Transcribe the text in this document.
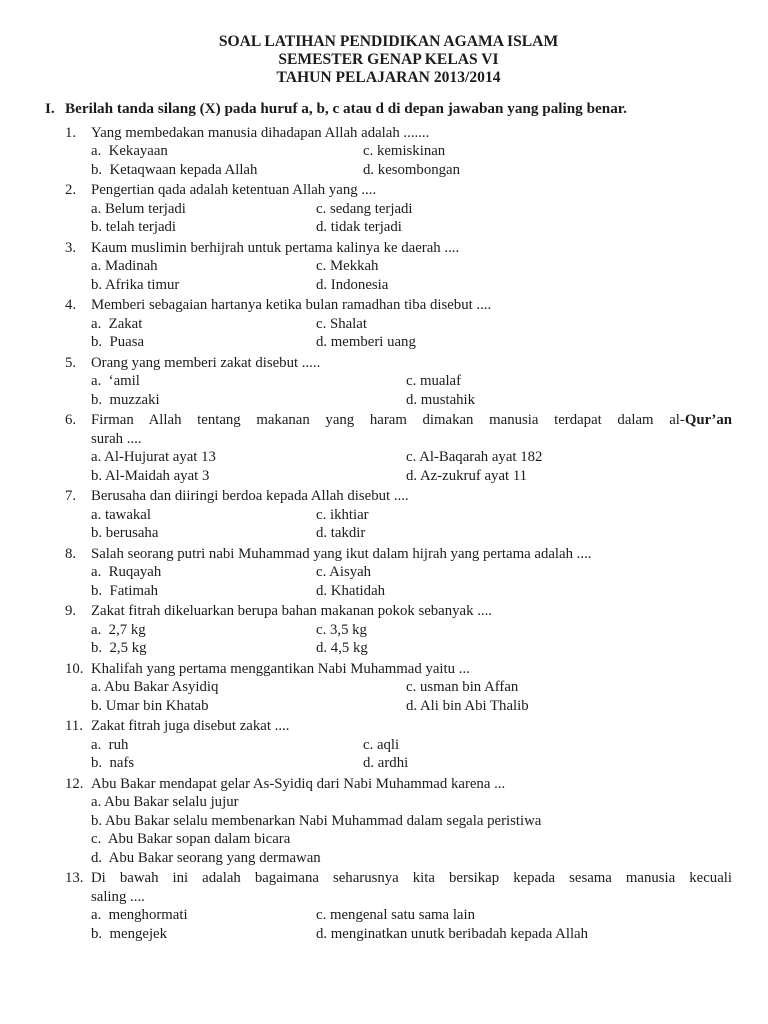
SOAL LATIHAN PENDIDIKAN AGAMA ISLAM
SEMESTER GENAP KELAS VI
TAHUN PELAJARAN 2013/2014
I. Berilah tanda silang (X) pada huruf a, b, c atau d di depan jawaban yang paling benar.
1.	Yang membedakan manusia dihadapan Allah adalah .......
a.  Kekayaan	c. kemiskinan
b.  Ketaqwaan kepada Allah	d. kesombongan
2.	Pengertian qada adalah ketentuan Allah yang ....
a. Belum terjadi	c. sedang terjadi
b. telah terjadi	d. tidak terjadi
3.	Kaum muslimin berhijrah untuk pertama kalinya ke daerah ....
a. Madinah	c. Mekkah
b. Afrika timur	d. Indonesia
4.	Memberi sebagaian hartanya ketika bulan ramadhan tiba disebut ....
a.  Zakat	c. Shalat
b.  Puasa	d. memberi uang
5.	Orang yang memberi zakat disebut .....
a.  ‘amil	c. mualaf
b.  muzzaki	d. mustahik
6.	Firman Allah tentang makanan yang haram dimakan manusia terdapat dalam al-Qur’an
surah ....
a. Al-Hujurat ayat 13	c. Al-Baqarah ayat 182
b. Al-Maidah ayat 3	d. Az-zukruf ayat 11
7.	Berusaha dan diiringi berdoa kepada Allah disebut ....
a. tawakal	c. ikhtiar
b. berusaha	d. takdir
8.	Salah seorang putri nabi Muhammad yang ikut dalam hijrah yang pertama adalah ....
a.  Ruqayah	c. Aisyah
b.  Fatimah	d. Khatidah
9.	Zakat fitrah dikeluarkan berupa bahan makanan pokok sebanyak ....
a.  2,7 kg	c. 3,5 kg
b.  2,5 kg	d. 4,5 kg
10. Khalifah yang pertama menggantikan Nabi Muhammad yaitu ...
a. Abu Bakar Asyidiq	c. usman bin Affan
b. Umar bin Khatab	d. Ali bin Abi Thalib
11. Zakat fitrah juga disebut zakat ....
a.  ruh	c. aqli
b.  nafs	d. ardhi
12. Abu Bakar mendapat gelar As-Syidiq dari Nabi Muhammad karena ...
a. Abu Bakar selalu jujur
b. Abu Bakar selalu membenarkan Nabi Muhammad dalam segala peristiwa
c.  Abu Bakar sopan dalam bicara
d.  Abu Bakar seorang yang dermawan
13. Di bawah ini adalah bagaimana seharusnya kita bersikap kepada sesama manusia kecuali
saling ....
a.  menghormati	c. mengenal satu sama lain
b.  mengejek	d. menginatkan unutk beribadah kepada Allah
